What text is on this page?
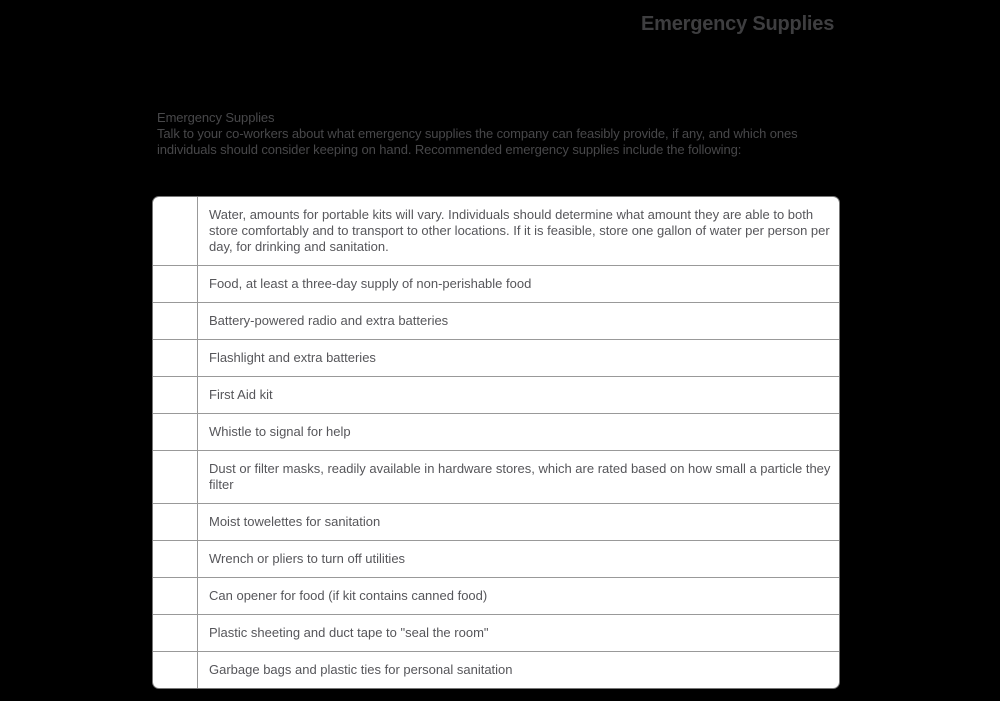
Emergency Supplies
Emergency Supplies
Talk to your co-workers about what emergency supplies the company can feasibly provide, if any, and which ones individuals should consider keeping on hand. Recommended emergency supplies include the following:
Water, amounts for portable kits will vary. Individuals should determine what amount they are able to both store comfortably and to transport to other locations. If it is feasible, store one gallon of water per person per day, for drinking and sanitation.
Food, at least a three-day supply of non-perishable food
Battery-powered radio and extra batteries
Flashlight and extra batteries
First Aid kit
Whistle to signal for help
Dust or filter masks, readily available in hardware stores, which are rated based on how small a particle they filter
Moist towelettes for sanitation
Wrench or pliers to turn off utilities
Can opener for food (if kit contains canned food)
Plastic sheeting and duct tape to "seal the room"
Garbage bags and plastic ties for personal sanitation
